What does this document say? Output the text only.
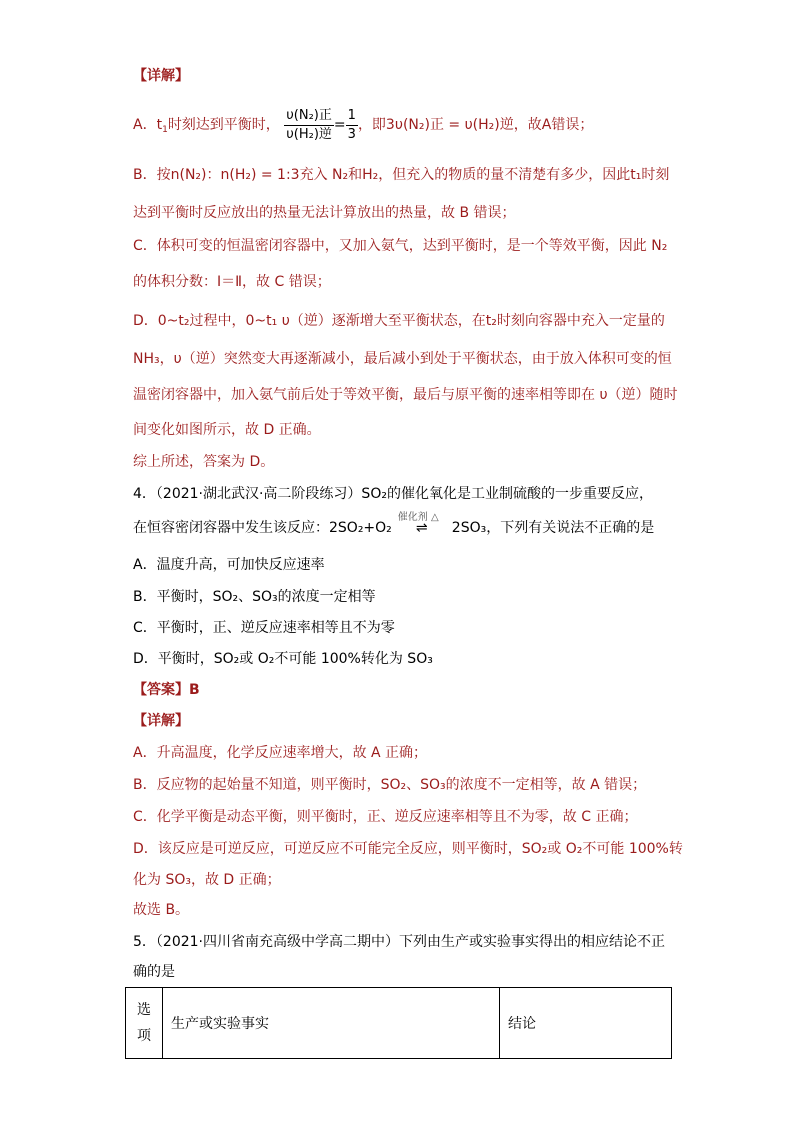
【详解】
A．$t_1$时刻达到平衡时， $\frac{\text{υ(N₂)正}}{\text{υ(H₂)逆}} = \frac{1}{3}$ ，即3υ(N₂)正 = υ(H₂)逆，故A错误；
B．按n(N₂)：n(H₂) = 1:3充入 N₂和H₂，但充入的物质的量不清楚有多少，因此t₁时刻
达到平衡时反应放出的热量无法计算放出的热量，故 B 错误；
C．体积可变的恒温密闭容器中，又加入氨气，达到平衡时，是一个等效平衡，因此 N₂
的体积分数：Ⅰ＝Ⅱ，故 C 错误；
D．0~t₂过程中，0~t₁ υ（逆）逐渐增大至平衡状态，在t₂时刻向容器中充入一定量的
NH₃，υ（逆）突然变大再逐渐减小，最后减小到处于平衡状态，由于放入体积可变的恒
温密闭容器中，加入氨气前后处于等效平衡，最后与原平衡的速率相等即在 υ（逆）随时
间变化如图所示，故 D 正确。
综上所述，答案为 D。
4．（2021·湖北武汉·高二阶段练习）SO₂的催化氧化是工业制硫酸的一步重要反应，
在恒容密闭容器中发生该反应：2SO₂+O₂
催化剂 △
⇌ 2SO₃，下列有关说法不正确的是
A．温度升高，可加快反应速率
B．平衡时，SO₂、SO₃的浓度一定相等
C．平衡时，正、逆反应速率相等且不为零
D．平衡时，SO₂或 O₂不可能 100%转化为 SO₃
【答案】B
【详解】
A．升高温度，化学反应速率增大，故 A 正确；
B．反应物的起始量不知道，则平衡时，SO₂、SO₃的浓度不一定相等，故 A 错误；
C．化学平衡是动态平衡，则平衡时，正、逆反应速率相等且不为零，故 C 正确；
D．该反应是可逆反应，可逆反应不可能完全反应，则平衡时，SO₂或 O₂不可能 100%转
化为 SO₃，故 D 正确；
故选 B。
5．（2021·四川省南充高级中学高二期中）下列由生产或实验事实得出的相应结论不正
确的是
选
项	生产或实验事实	结论
